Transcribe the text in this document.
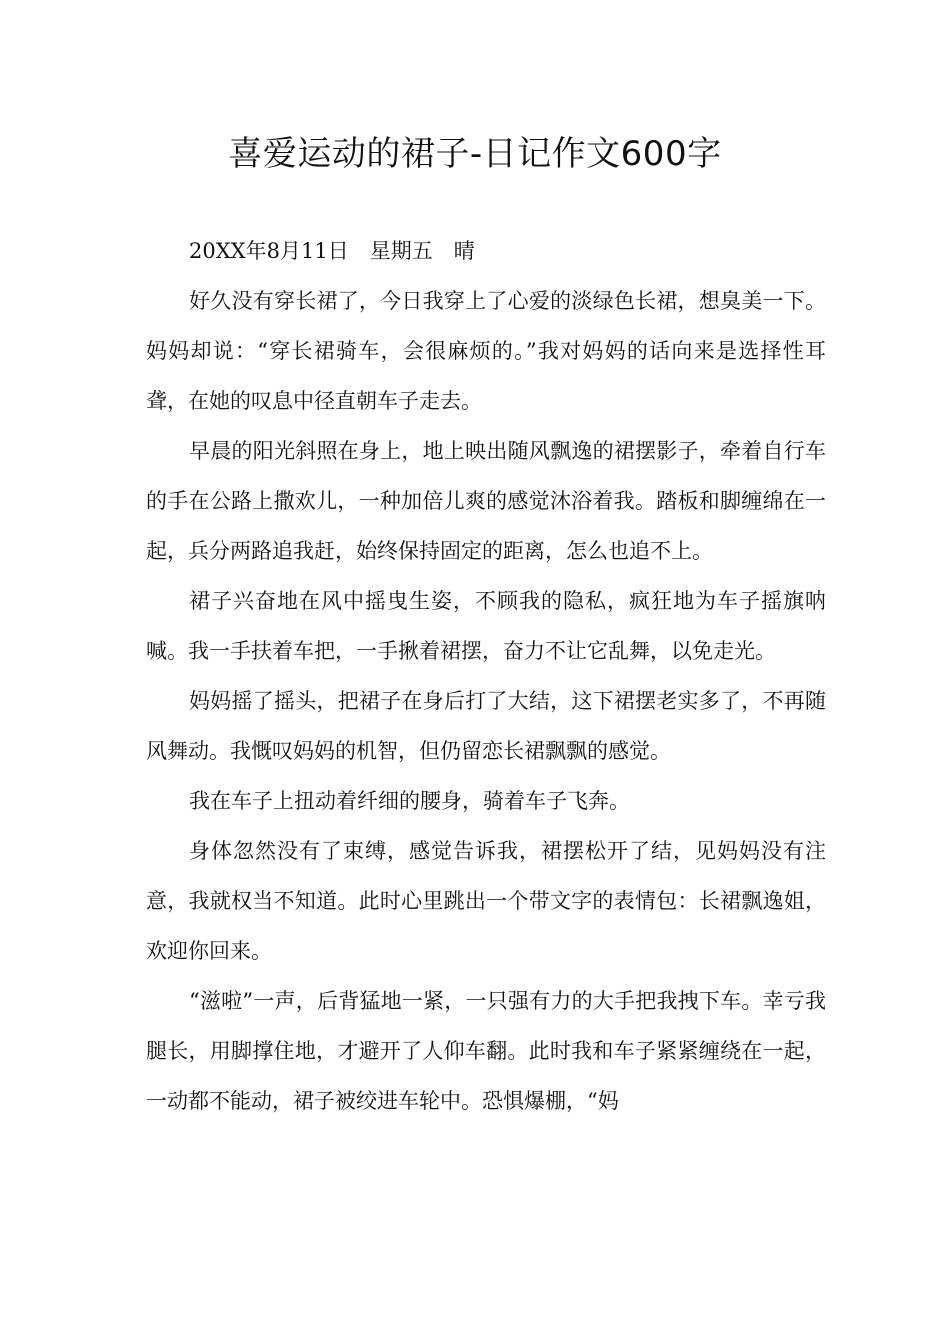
喜爱运动的裙子-日记作文600字

20XX年8月11日　星期五　晴

好久没有穿长裙了，今日我穿上了心爱的淡绿色长裙，想臭美一下。妈妈却说：“穿长裙骑车，会很麻烦的。”我对妈妈的话向来是选择性耳聋，在她的叹息中径直朝车子走去。

早晨的阳光斜照在身上，地上映出随风飘逸的裙摆影子，牵着自行车的手在公路上撒欢儿，一种加倍儿爽的感觉沐浴着我。踏板和脚缠绵在一起，兵分两路追我赶，始终保持固定的距离，怎么也追不上。

裙子兴奋地在风中摇曳生姿，不顾我的隐私，疯狂地为车子摇旗呐喊。我一手扶着车把，一手揪着裙摆，奋力不让它乱舞，以免走光。

妈妈摇了摇头，把裙子在身后打了大结，这下裙摆老实多了，不再随风舞动。我慨叹妈妈的机智，但仍留恋长裙飘飘的感觉。

我在车子上扭动着纤细的腰身，骑着车子飞奔。

身体忽然没有了束缚，感觉告诉我，裙摆松开了结，见妈妈没有注意，我就权当不知道。此时心里跳出一个带文字的表情包：长裙飘逸姐，欢迎你回来。

“滋啦”一声，后背猛地一紧，一只强有力的大手把我拽下车。幸亏我腿长，用脚撑住地，才避开了人仰车翻。此时我和车子紧紧缠绕在一起，一动都不能动，裙子被绞进车轮中。恐惧爆棚，“妈
